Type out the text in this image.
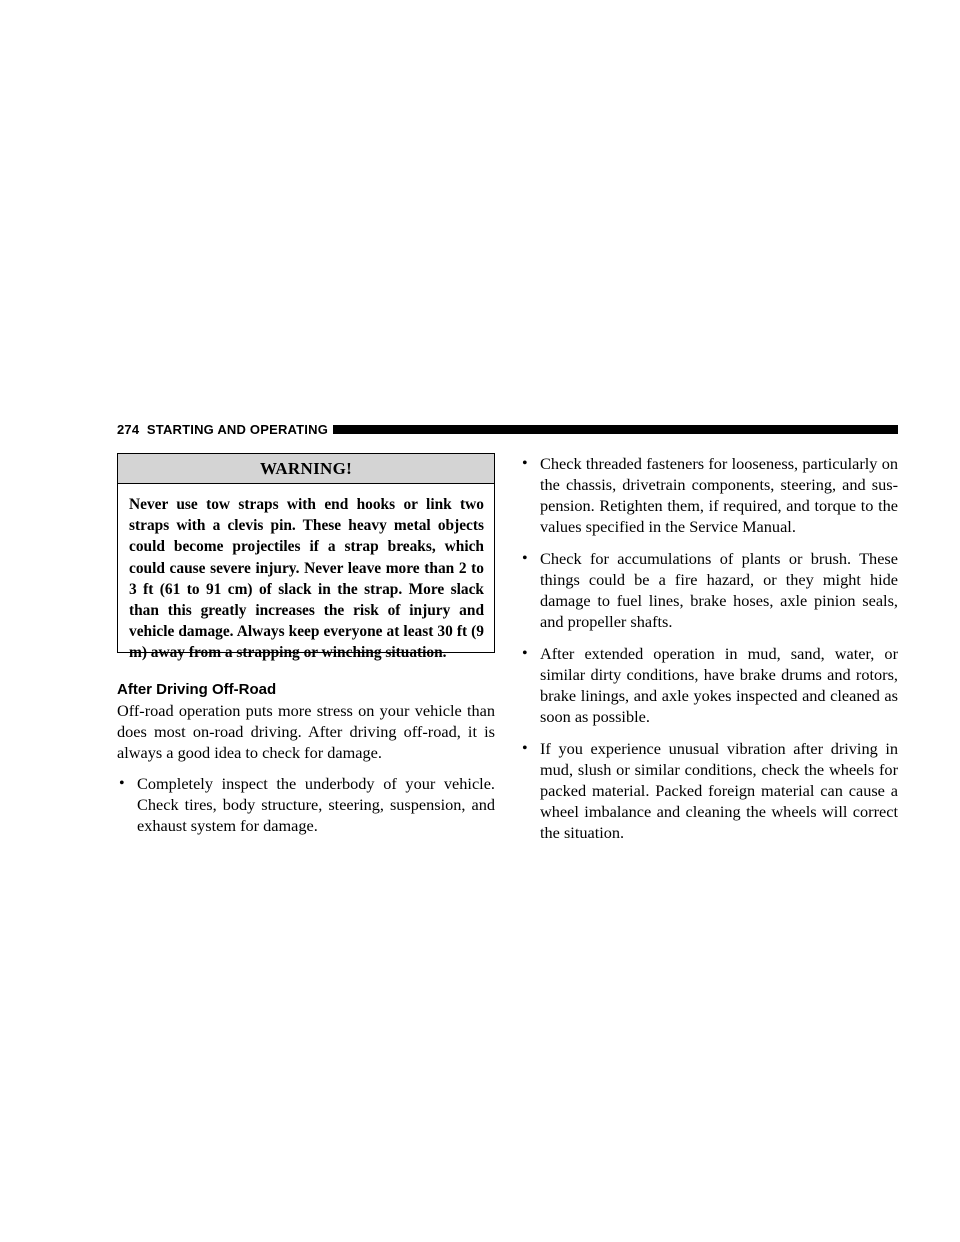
274 STARTING AND OPERATING
WARNING!
Never use tow straps with end hooks or link two straps with a clevis pin. These heavy metal objects could become projectiles if a strap breaks, which could cause severe injury. Never leave more than 2 to 3 ft (61 to 91 cm) of slack in the strap. More slack than this greatly increases the risk of injury and vehicle damage. Always keep everyone at least 30 ft (9 m) away from a strapping or winching situation.
After Driving Off-Road
Off-road operation puts more stress on your vehicle than does most on-road driving. After driving off-road, it is always a good idea to check for damage.
• Completely inspect the underbody of your vehicle. Check tires, body structure, steering, suspension, and exhaust system for damage.
• Check threaded fasteners for looseness, particularly on the chassis, drivetrain components, steering, and suspension. Retighten them, if required, and torque to the values specified in the Service Manual.
• Check for accumulations of plants or brush. These things could be a fire hazard, or they might hide damage to fuel lines, brake hoses, axle pinion seals, and propeller shafts.
• After extended operation in mud, sand, water, or similar dirty conditions, have brake drums and rotors, brake linings, and axle yokes inspected and cleaned as soon as possible.
• If you experience unusual vibration after driving in mud, slush or similar conditions, check the wheels for packed material. Packed foreign material can cause a wheel imbalance and cleaning the wheels will correct the situation.
